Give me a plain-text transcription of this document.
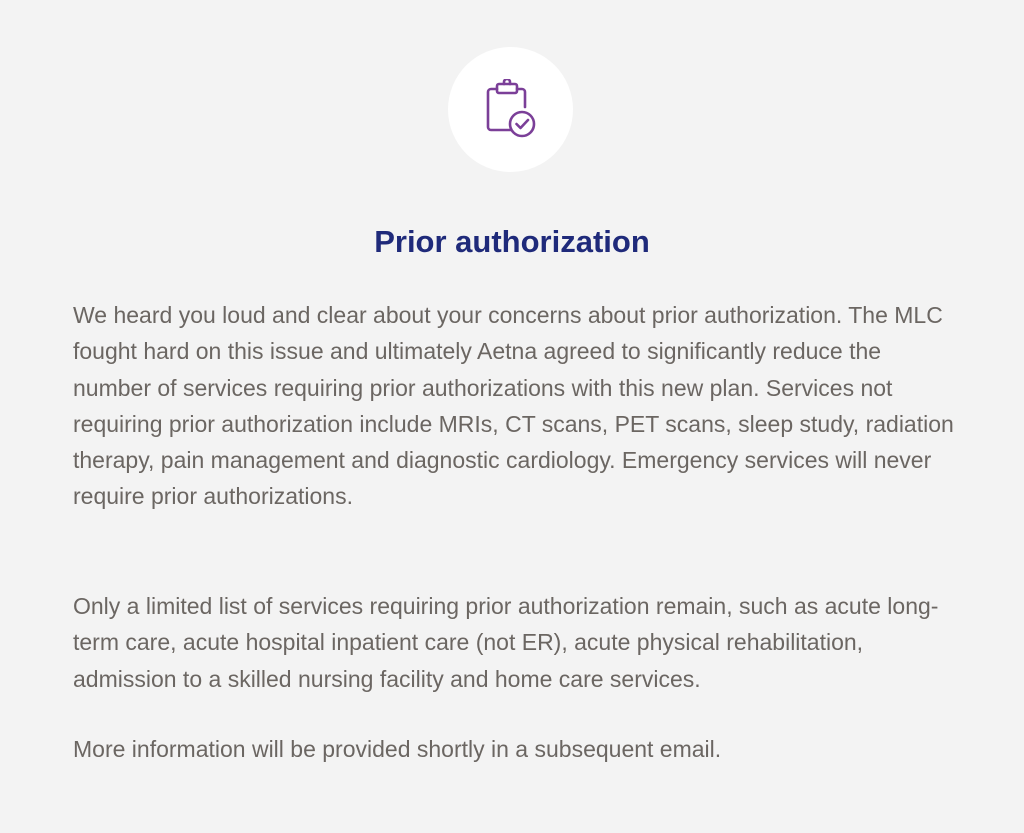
Prior authorization

We heard you loud and clear about your concerns about prior authorization. The MLC fought hard on this issue and ultimately Aetna agreed to significantly reduce the number of services requiring prior authorizations with this new plan. Services not requiring prior authorization include MRIs, CT scans, PET scans, sleep study, radiation therapy, pain management and diagnostic cardiology. Emergency services will never require prior authorizations.

Only a limited list of services requiring prior authorization remain, such as acute long-term care, acute hospital inpatient care (not ER), acute physical rehabilitation, admission to a skilled nursing facility and home care services.

More information will be provided shortly in a subsequent email.
